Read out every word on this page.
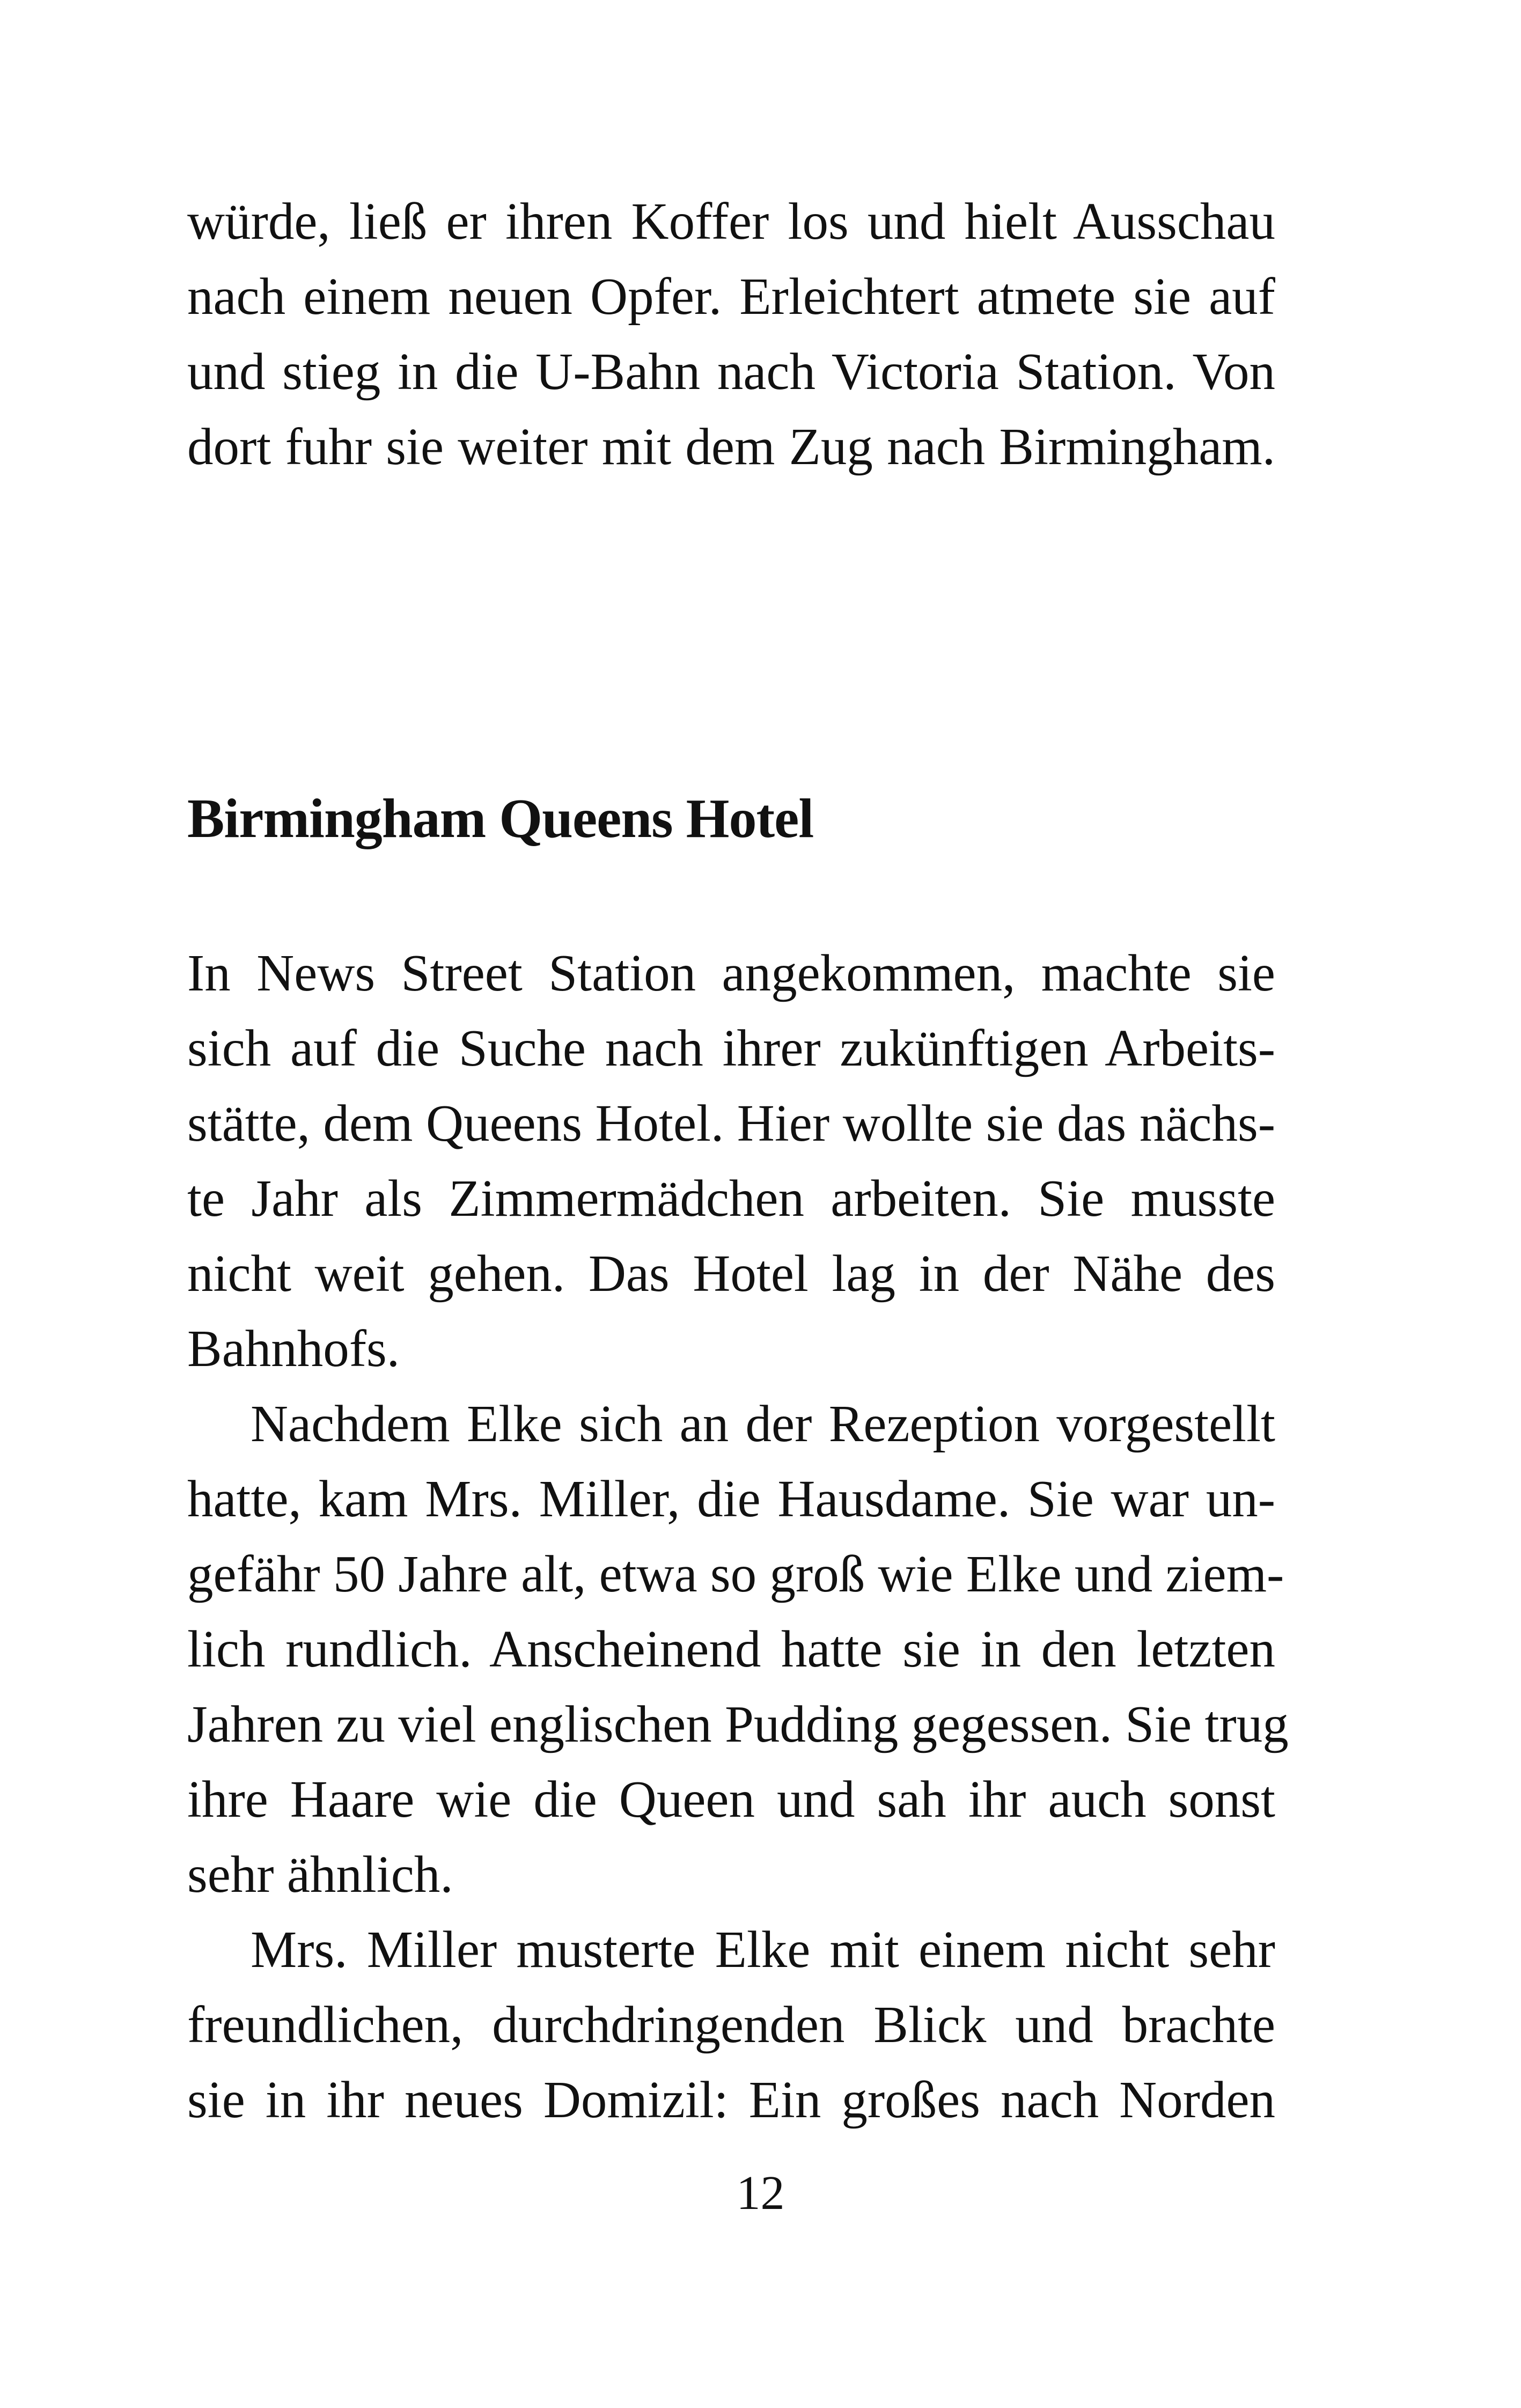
würde, ließ er ihren Koffer los und hielt Ausschau
nach einem neuen Opfer. Erleichtert atmete sie auf
und stieg in die U-Bahn nach Victoria Station. Von
dort fuhr sie weiter mit dem Zug nach Birmingham.
Birmingham Queens Hotel
In News Street Station angekommen, machte sie
sich auf die Suche nach ihrer zukünftigen Arbeits-
stätte, dem Queens Hotel. Hier wollte sie das nächs-
te Jahr als Zimmermädchen arbeiten. Sie musste
nicht weit gehen. Das Hotel lag in der Nähe des
Bahnhofs.
Nachdem Elke sich an der Rezeption vorgestellt
hatte, kam Mrs. Miller, die Hausdame. Sie war un-
gefähr 50 Jahre alt, etwa so groß wie Elke und ziem-
lich rundlich. Anscheinend hatte sie in den letzten
Jahren zu viel englischen Pudding gegessen. Sie trug
ihre Haare wie die Queen und sah ihr auch sonst
sehr ähnlich.
Mrs. Miller musterte Elke mit einem nicht sehr
freundlichen, durchdringenden Blick und brachte
sie in ihr neues Domizil: Ein großes nach Norden
12
